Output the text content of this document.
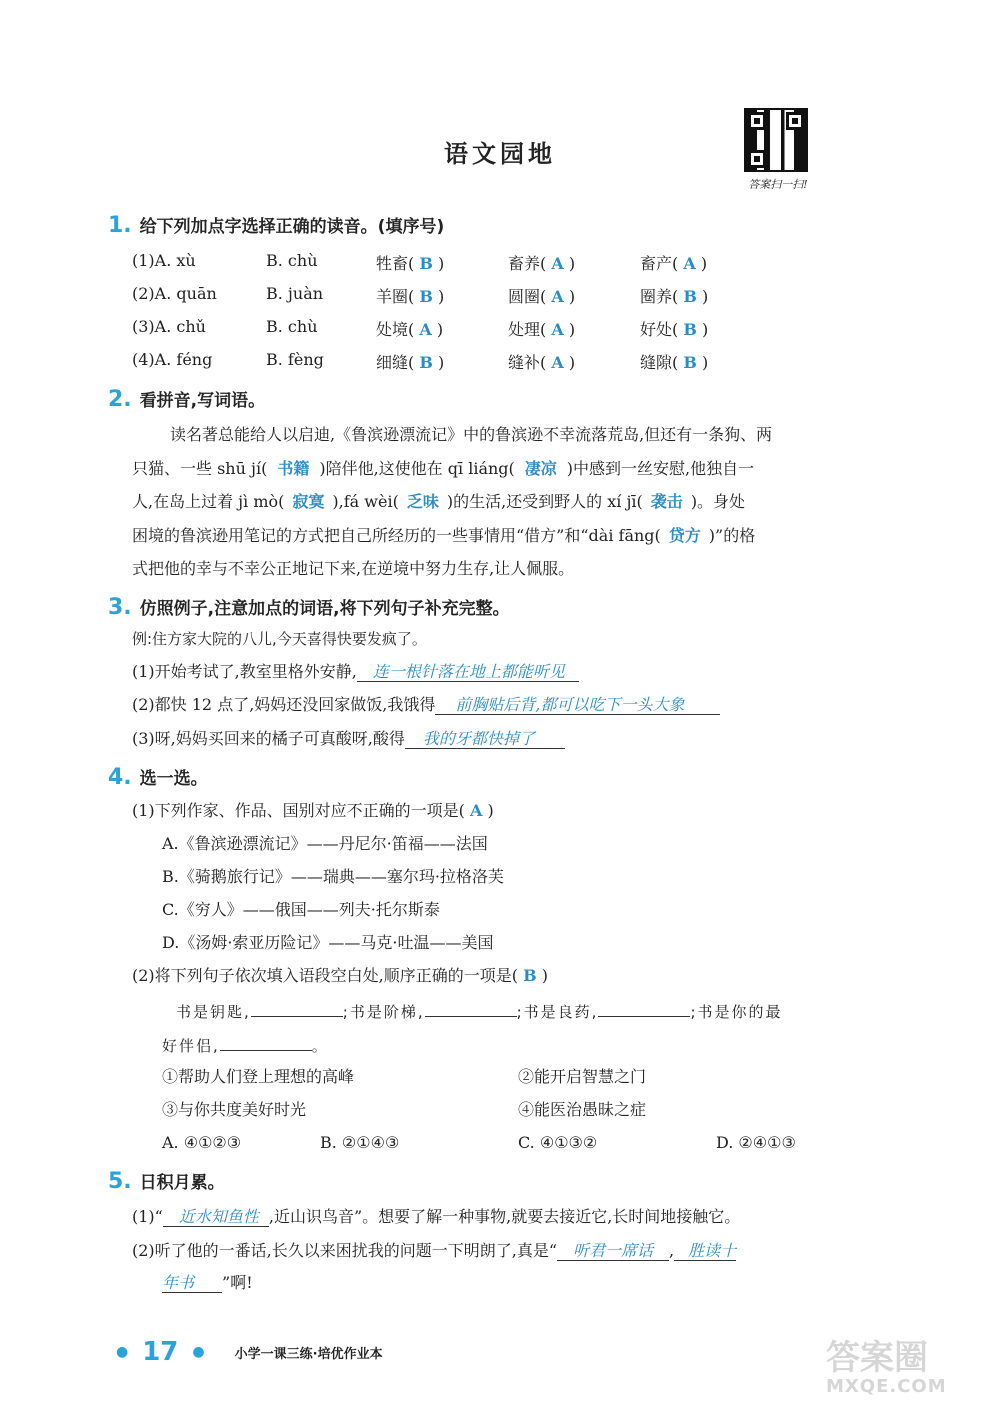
语文园地
答案扫一扫!
1. 给下列加点字选择正确的读音。(填序号)
(1)A. xù	B. chù	牲畜( B )	畜养( A )	畜产( A )
(2)A. quān	B. juàn	羊圈( B )	圆圈( A )	圈养( B )
(3)A. chǔ	B. chù	处境( A )	处理( A )	好处( B )
(4)A. féng	B. fèng	细缝( B )	缝补( A )	缝隙( B )
2. 看拼音,写词语。
读名著总能给人以启迪,《鲁滨逊漂流记》中的鲁滨逊不幸流落荒岛,但还有一条狗、两
只猫、一些 shū jí( 书籍 )陪伴他,这使他在 qī liáng( 凄凉 )中感到一丝安慰,他独自一
人,在岛上过着 jì mò( 寂寞 ),fá wèi( 乏味 )的生活,还受到野人的 xí jī( 袭击 )。身处
困境的鲁滨逊用笔记的方式把自己所经历的一些事情用“借方”和“dài fāng( 贷方 )”的格
式把他的幸与不幸公正地记下来,在逆境中努力生存,让人佩服。
3. 仿照例子,注意加点的词语,将下列句子补充完整。
例:住方家大院的八儿,今天喜得快要发疯了。
(1)开始考试了,教室里格外安静, 连一根针落在地上都能听见
(2)都快 12 点了,妈妈还没回家做饭,我饿得 前胸贴后背,都可以吃下一头大象
(3)呀,妈妈买回来的橘子可真酸呀,酸得 我的牙都快掉了
4. 选一选。
(1)下列作家、作品、国别对应不正确的一项是( A )
A.《鲁滨逊漂流记》——丹尼尔·笛福——法国
B.《骑鹅旅行记》——瑞典——塞尔玛·拉格洛芙
C.《穷人》——俄国——列夫·托尔斯泰
D.《汤姆·索亚历险记》——马克·吐温——美国
(2)将下列句子依次填入语段空白处,顺序正确的一项是( B )
书是钥匙,	;书是阶梯,	;书是良药,	;书是你的最
好伴侣,	。
①帮助人们登上理想的高峰	②能开启智慧之门
③与你共度美好时光	④能医治愚昧之症
A. ④①②③	B. ②①④③	C. ④①③②	D. ②④①③
5. 日积月累。
(1)“ 近水知鱼性 ,近山识鸟音”。想要了解一种事物,就要去接近它,长时间地接触它。
(2)听了他的一番话,长久以来困扰我的问题一下明朗了,真是“ 听君一席话 , 胜读十
年书 ”啊!
● 17 ● 小学一课三练·培优作业本	答案圈
MXQE.COM
